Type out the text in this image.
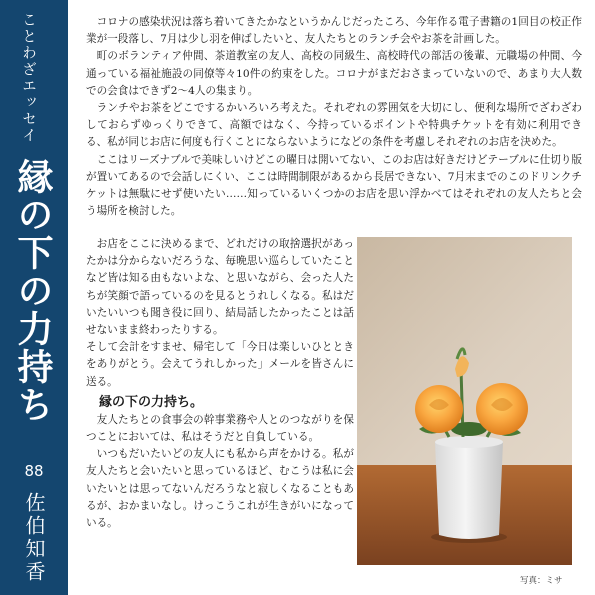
ことわざエッセイ
縁の下の力持ち
88
佐伯知香

コロナの感染状況は落ち着いてきたかなというかんじだったころ、今年作る電子書籍の1回目の校正作業が一段落し、7月は少し羽を伸ばしたいと、友人たちとのランチ会やお茶を計画した。

町のボランティア仲間、茶道教室の友人、高校の同級生、高校時代の部活の後輩、元職場の仲間、今通っている福祉施設の同僚等々10件の約束をした。コロナがまだおさまっていないので、あまり大人数での会食はできず2〜4人の集まり。

ランチやお茶をどこでするかいろいろ考えた。それぞれの雰囲気を大切にし、便利な場所でざわざわしておらずゆっくりできて、高額ではなく、今持っているポイントや特典チケットを有効に利用できる、私が同じお店に何度も行くことにならないようになどの条件を考慮しそれぞれのお店を決めた。

ここはリーズナブルで美味しいけどこの曜日は開いてない、このお店は好きだけどテーブルに仕切り版が置いてあるので会話しにくい、ここは時間制限があるから長居できない、7月末までのこのドリンクチケットは無駄にせず使いたい……知っているいくつかのお店を思い浮かべてはそれぞれの友人たちと会う場所を検討した。

お店をここに決めるまで、どれだけの取捨選択があったかは分からないだろうな、毎晩思い巡らしていたことなど皆は知る由もないよな、と思いながら、会った人たちが笑顔で語っているのを見るとうれしくなる。私はだいたいいつも聞き役に回り、結局話したかったことは話せないまま終わったりする。

そして会計をすませ、帰宅して「今日は楽しいひとときをありがとう。会えてうれしかった」メールを皆さんに送る。

縁の下の力持ち。

友人たちとの食事会の幹事業務や人とのつながりを保つことにおいては、私はそうだと自負している。

いつもだいたいどの友人にも私から声をかける。私が友人たちと会いたいと思っているほど、むこうは私に会いたいとは思ってないんだろうなと寂しくなることもあるが、おかまいなし。けっこうこれが生きがいになっている。

写真：ミサ
